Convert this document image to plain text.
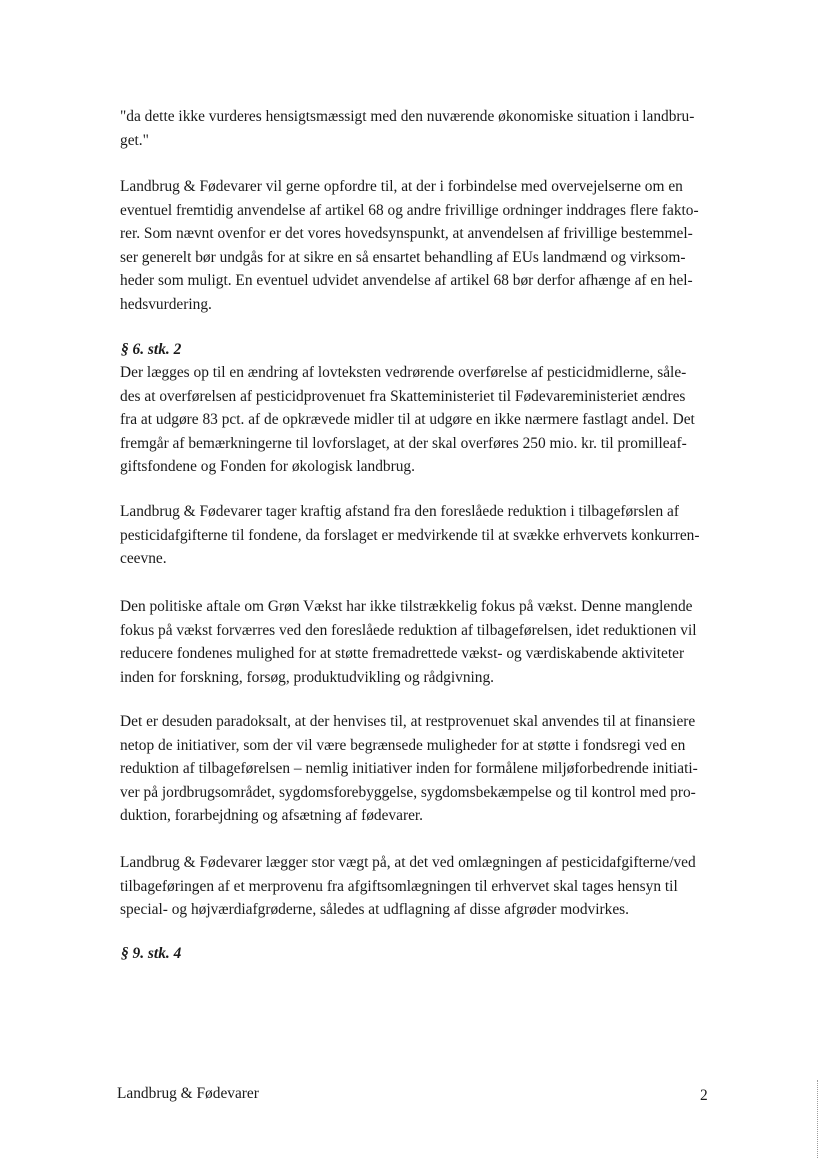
"da dette ikke vurderes hensigtsmæssigt med den nuværende økonomiske situation i landbru-
get."

Landbrug & Fødevarer vil gerne opfordre til, at der i forbindelse med overvejelserne om en
eventuel fremtidig anvendelse af artikel 68 og andre frivillige ordninger inddrages flere fakto-
rer. Som nævnt ovenfor er det vores hovedsynspunkt, at anvendelsen af frivillige bestemmel-
ser generelt bør undgås for at sikre en så ensartet behandling af EUs landmænd og virksom-
heder som muligt. En eventuel udvidet anvendelse af artikel 68 bør derfor afhænge af en hel-
hedsvurdering.

§ 6. stk. 2

Der lægges op til en ændring af lovteksten vedrørende overførelse af pesticidmidlerne, såle-
des at overførelsen af pesticidprovenuet fra Skatteministeriet til Fødevareministeriet ændres
fra at udgøre 83 pct. af de opkrævede midler til at udgøre en ikke nærmere fastlagt andel. Det
fremgår af bemærkningerne til lovforslaget, at der skal overføres 250 mio. kr. til promilleaf-
giftsfondene og Fonden for økologisk landbrug.

Landbrug & Fødevarer tager kraftig afstand fra den foreslåede reduktion i tilbageførslen af
pesticidafgifterne til fondene, da forslaget er medvirkende til at svække erhvervets konkurren-
ceevne.

Den politiske aftale om Grøn Vækst har ikke tilstrækkelig fokus på vækst. Denne manglende
fokus på vækst forværres ved den foreslåede reduktion af tilbageførelsen, idet reduktionen vil
reducere fondenes mulighed for at støtte fremadrettede vækst- og værdiskabende aktiviteter
inden for forskning, forsøg, produktudvikling og rådgivning.

Det er desuden paradoksalt, at der henvises til, at restprovenuet skal anvendes til at finansiere
netop de initiativer, som der vil være begrænsede muligheder for at støtte i fondsregi ved en
reduktion af tilbageførelsen – nemlig initiativer inden for formålene miljøforbedrende initiati-
ver på jordbrugsområdet, sygdomsforebyggelse, sygdomsbekæmpelse og til kontrol med pro-
duktion, forarbejdning og afsætning af fødevarer.

Landbrug & Fødevarer lægger stor vægt på, at det ved omlægningen af pesticidafgifterne/ved
tilbageføringen af et merprovenu fra afgiftsomlægningen til erhvervet skal tages hensyn til
special- og højværdiafgrøderne, således at udflagning af disse afgrøder modvirkes.

§ 9. stk. 4

Landbrug & Fødevarer	2
